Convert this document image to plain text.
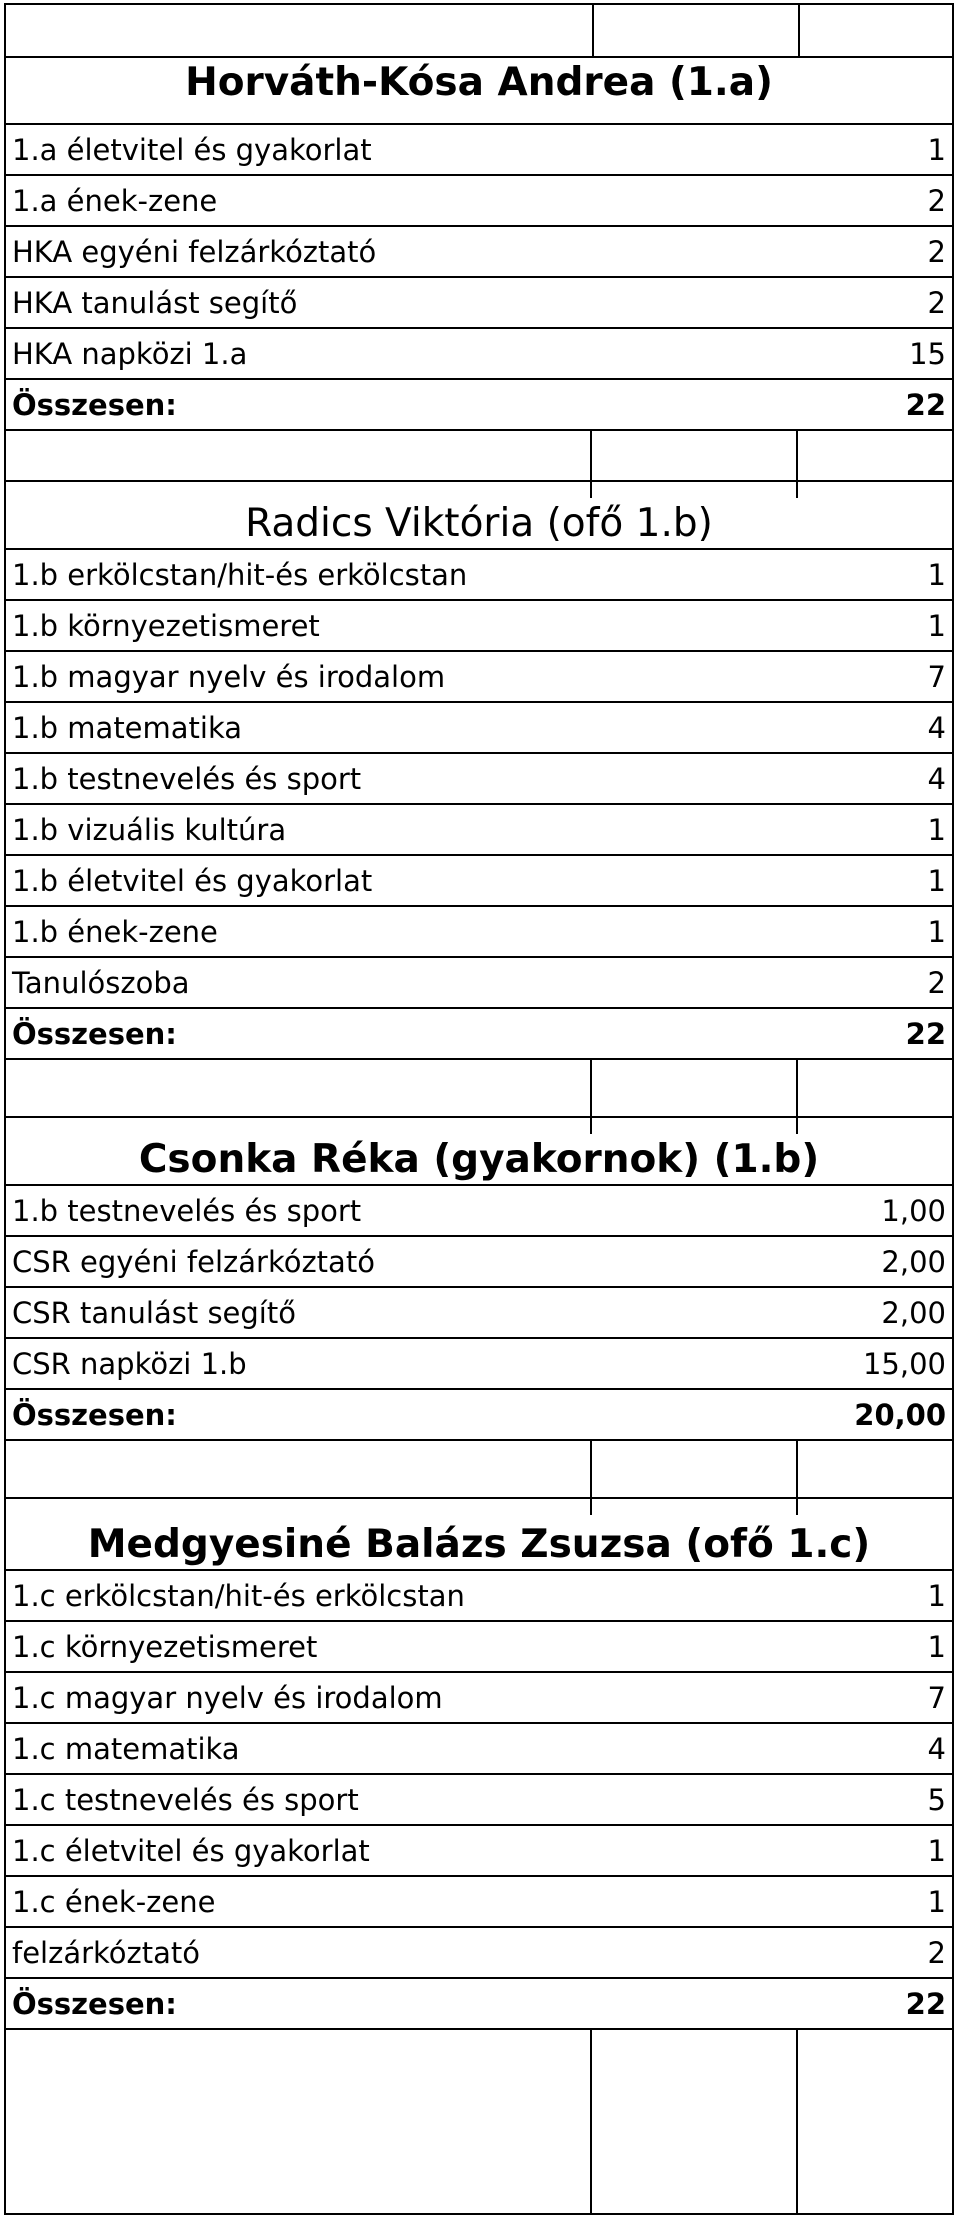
Horváth-Kósa Andrea (1.a)
1.a életvitel és gyakorlat	1
1.a ének-zene	2
HKA egyéni felzárkóztató	2
HKA tanulást segítő	2
HKA napközi 1.a	15
Összesen:	22
Radics Viktória (ofő 1.b)
1.b erkölcstan/hit-és erkölcstan	1
1.b környezetismeret	1
1.b magyar nyelv és irodalom	7
1.b matematika	4
1.b testnevelés és sport	4
1.b vizuális kultúra	1
1.b életvitel és gyakorlat	1
1.b ének-zene	1
Tanulószoba	2
Összesen:	22
Csonka Réka (gyakornok) (1.b)
1.b testnevelés és sport	1,00
CSR egyéni felzárkóztató	2,00
CSR tanulást segítő	2,00
CSR napközi 1.b	15,00
Összesen:	20,00
Medgyesiné Balázs Zsuzsa (ofő 1.c)
1.c erkölcstan/hit-és erkölcstan	1
1.c környezetismeret	1
1.c magyar nyelv és irodalom	7
1.c matematika	4
1.c testnevelés és sport	5
1.c életvitel és gyakorlat	1
1.c ének-zene	1
felzárkóztató	2
Összesen:	22
